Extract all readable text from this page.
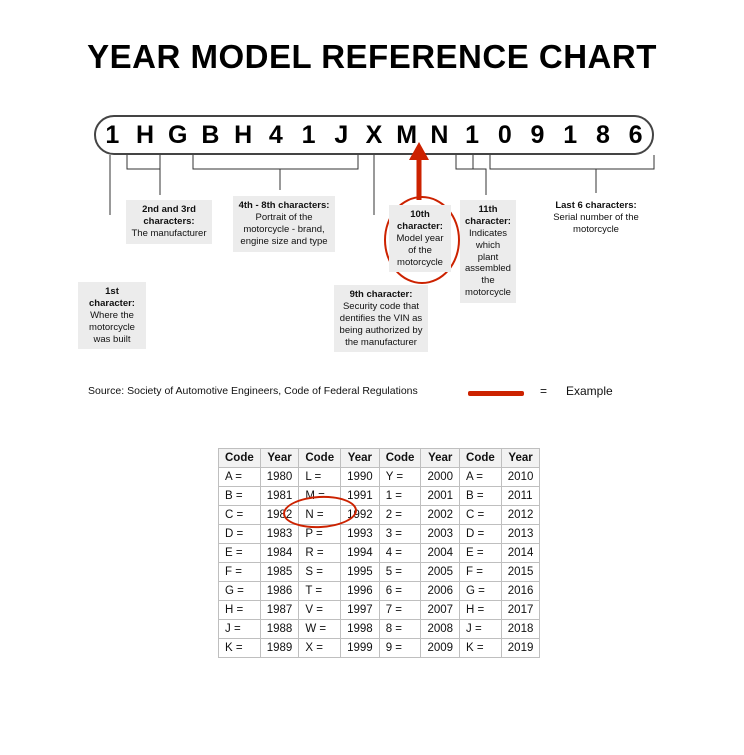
YEAR MODEL REFERENCE CHART
1 H G B H 4 1 J X M N 1 0 9 1 8 6
1st character:
Where the motorcycle was built
2nd and 3rd characters:
The manufacturer
4th - 8th characters:
Portrait of the motorcycle - brand, engine size and type
9th character:
Security code that dentifies the VIN as being authorized by the manufacturer
10th character:
Model year of the motorcycle
11th character:
Indicates which plant assembled the motorcycle
Last 6 characters:
Serial number of the motorcycle
Source: Society of Automotive Engineers, Code of Federal Regulations	= Example
Code	Year	Code	Year	Code	Year	Code	Year
A =	1980	L =	1990	Y =	2000	A =	2010
B =	1981	M =	1991	1 =	2001	B =	2011
C =	1982	N =	1992	2 =	2002	C =	2012
D =	1983	P =	1993	3 =	2003	D =	2013
E =	1984	R =	1994	4 =	2004	E =	2014
F =	1985	S =	1995	5 =	2005	F =	2015
G =	1986	T =	1996	6 =	2006	G =	2016
H =	1987	V =	1997	7 =	2007	H =	2017
J =	1988	W =	1998	8 =	2008	J =	2018
K =	1989	X =	1999	9 =	2009	K =	2019
